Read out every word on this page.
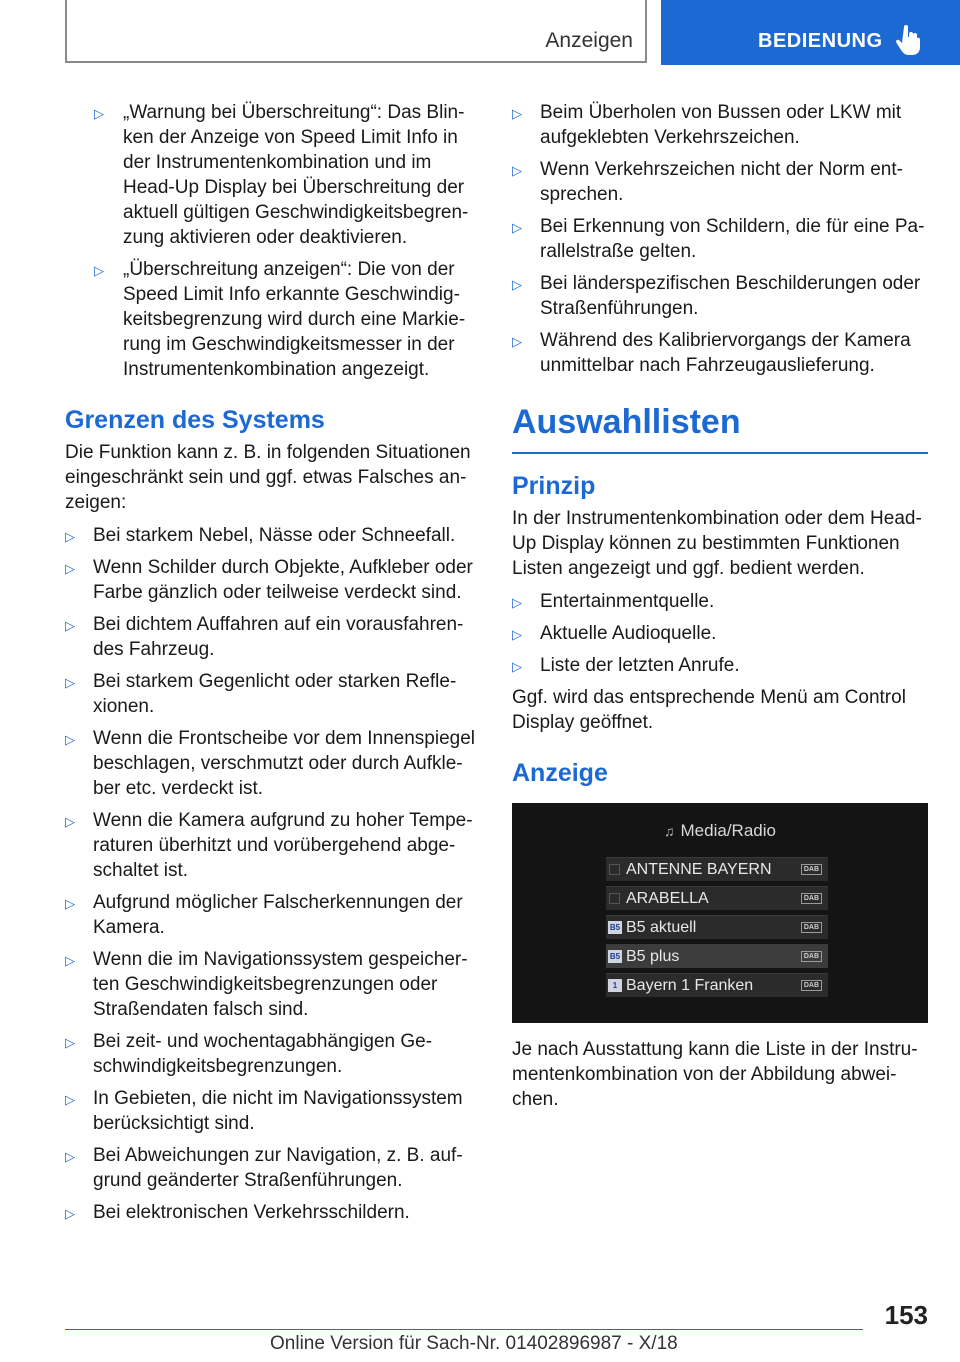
Anzeigen	BEDIENUNG
▷ „Warnung bei Überschreitung“: Das Blin-ken der Anzeige von Speed Limit Info in der Instrumentenkombination und im Head-Up Display bei Überschreitung der aktuell gültigen Geschwindigkeitsbegren-zung aktivieren oder deaktivieren.
▷ „Überschreitung anzeigen“: Die von der Speed Limit Info erkannte Geschwindig-keitsbegrenzung wird durch eine Markie-rung im Geschwindigkeitsmesser in der Instrumentenkombination angezeigt.
Grenzen des Systems

Die Funktion kann z. B. in folgenden Situationen eingeschränkt sein und ggf. etwas Falsches an-zeigen:

▷ Bei starkem Nebel, Nässe oder Schneefall.
▷ Wenn Schilder durch Objekte, Aufkleber oder Farbe gänzlich oder teilweise verdeckt sind.
▷ Bei dichtem Auffahren auf ein vorausfahren-des Fahrzeug.
▷ Bei starkem Gegenlicht oder starken Refle-xionen.
▷ Wenn die Frontscheibe vor dem Innenspiegel beschlagen, verschmutzt oder durch Aufkle-ber etc. verdeckt ist.
▷ Wenn die Kamera aufgrund zu hoher Tempe-raturen überhitzt und vorübergehend abge-schaltet ist.
▷ Aufgrund möglicher Falscherkennungen der Kamera.
▷ Wenn die im Navigationssystem gespeicher-ten Geschwindigkeitsbegrenzungen oder Straßendaten falsch sind.
▷ Bei zeit- und wochentagabhängigen Ge-schwindigkeitsbegrenzungen.
▷ In Gebieten, die nicht im Navigationssystem berücksichtigt sind.
▷ Bei Abweichungen zur Navigation, z. B. auf-grund geänderter Straßenführungen.
▷ Bei elektronischen Verkehrsschildern.
▷ Beim Überholen von Bussen oder LKW mit aufgeklebten Verkehrszeichen.
▷ Wenn Verkehrszeichen nicht der Norm ent-sprechen.
▷ Bei Erkennung von Schildern, die für eine Pa-rallelstraße gelten.
▷ Bei länderspezifischen Beschilderungen oder Straßenführungen.
▷ Während des Kalibriervorgangs der Kamera unmittelbar nach Fahrzeugauslieferung.
Auswahllisten
Prinzip

In der Instrumentenkombination oder dem Head-Up Display können zu bestimmten Funktionen Listen angezeigt und ggf. bedient werden.

▷ Entertainmentquelle.
▷ Aktuelle Audioquelle.
▷ Liste der letzten Anrufe.

Ggf. wird das entsprechende Menü am Control Display geöffnet.

Anzeige
♫ Media/Radio
ANTENNE BAYERN	DAB
ARABELLA	DAB
B5 B5 aktuell	DAB
B5 B5 plus	DAB
1 Bayern 1 Franken	DAB

Je nach Ausstattung kann die Liste in der Instru-mentenkombination von der Abbildung abwei-chen.

153
Online Version für Sach-Nr. 01402896987 - X/18
